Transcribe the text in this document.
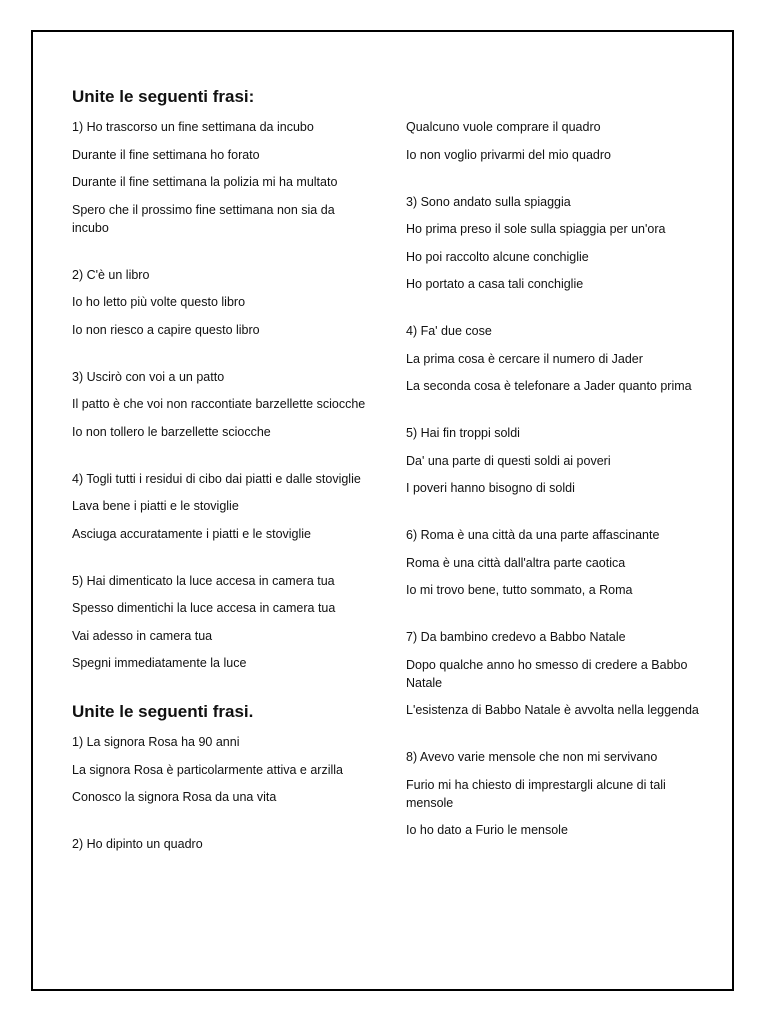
Unite le seguenti frasi:
1) Ho trascorso un fine settimana da incubo
Durante il fine settimana ho forato
Durante il fine settimana la polizia mi ha multato
Spero che il prossimo fine settimana non sia da incubo
2) C'è un libro
Io ho letto più volte questo libro
Io non riesco a capire questo libro
3) Uscirò con voi a un patto
Il patto è che voi non raccontiate barzellette sciocche
Io non tollero le barzellette sciocche
4) Togli tutti i residui di cibo dai piatti e dalle stoviglie
Lava bene i piatti e le stoviglie
Asciuga accuratamente i piatti e le stoviglie
5) Hai dimenticato la luce accesa in camera tua
Spesso dimentichi la luce accesa in camera tua
Vai adesso in camera tua
Spegni immediatamente la luce
Unite le seguenti frasi.
1) La signora Rosa ha 90 anni
La signora Rosa è particolarmente attiva e arzilla
Conosco la signora Rosa da una vita
2) Ho dipinto un quadro
Qualcuno vuole comprare il quadro
Io non voglio privarmi del mio quadro
3) Sono andato sulla spiaggia
Ho prima preso il sole sulla spiaggia per un'ora
Ho poi raccolto alcune conchiglie
Ho portato a casa tali conchiglie
4) Fa' due cose
La prima cosa è cercare il numero di Jader
La seconda cosa è telefonare a Jader quanto prima
5) Hai fin troppi soldi
Da' una parte di questi soldi ai poveri
I poveri hanno bisogno di soldi
6) Roma è una città da una parte affascinante
Roma è una città dall'altra parte caotica
Io mi trovo bene, tutto sommato, a Roma
7) Da bambino credevo a Babbo Natale
Dopo qualche anno ho smesso di credere a Babbo Natale
L'esistenza di Babbo Natale è avvolta nella leggenda
8) Avevo varie mensole che non mi servivano
Furio mi ha chiesto di imprestargli alcune di tali mensole
Io ho dato a Furio le mensole
